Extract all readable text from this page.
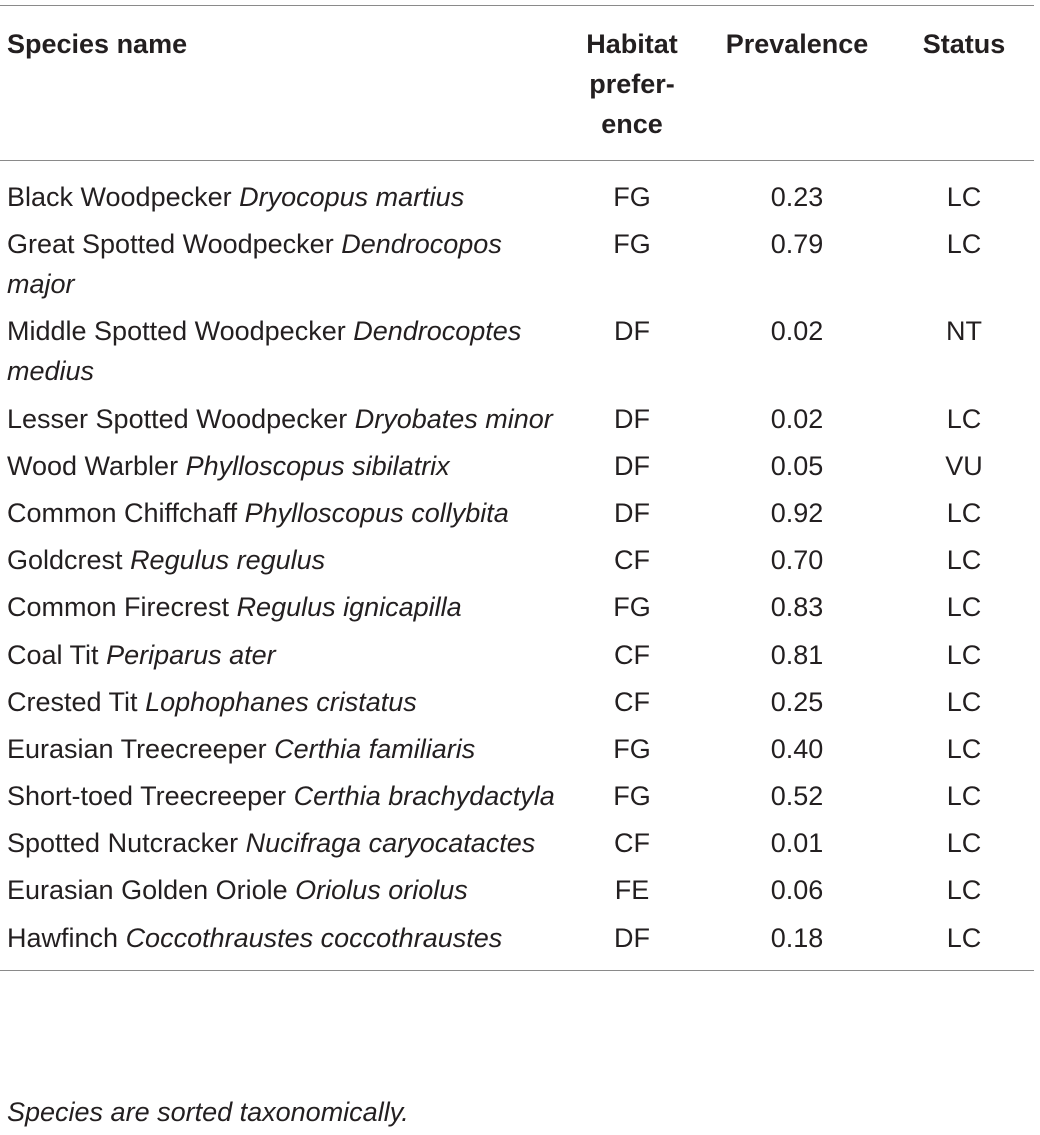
Species name	Habitat preference	Prevalence	Status
Black Woodpecker Dryocopus martius	FG	0.23	LC
Great Spotted Woodpecker Dendrocopos major	FG	0.79	LC
Middle Spotted Woodpecker Dendrocoptes medius	DF	0.02	NT
Lesser Spotted Woodpecker Dryobates minor	DF	0.02	LC
Wood Warbler Phylloscopus sibilatrix	DF	0.05	VU
Common Chiffchaff Phylloscopus collybita	DF	0.92	LC
Goldcrest Regulus regulus	CF	0.70	LC
Common Firecrest Regulus ignicapilla	FG	0.83	LC
Coal Tit Periparus ater	CF	0.81	LC
Crested Tit Lophophanes cristatus	CF	0.25	LC
Eurasian Treecreeper Certhia familiaris	FG	0.40	LC
Short-toed Treecreeper Certhia brachydactyla	FG	0.52	LC
Spotted Nutcracker Nucifraga caryocatactes	CF	0.01	LC
Eurasian Golden Oriole Oriolus oriolus	FE	0.06	LC
Hawfinch Coccothraustes coccothraustes	DF	0.18	LC
Species are sorted taxonomically.
